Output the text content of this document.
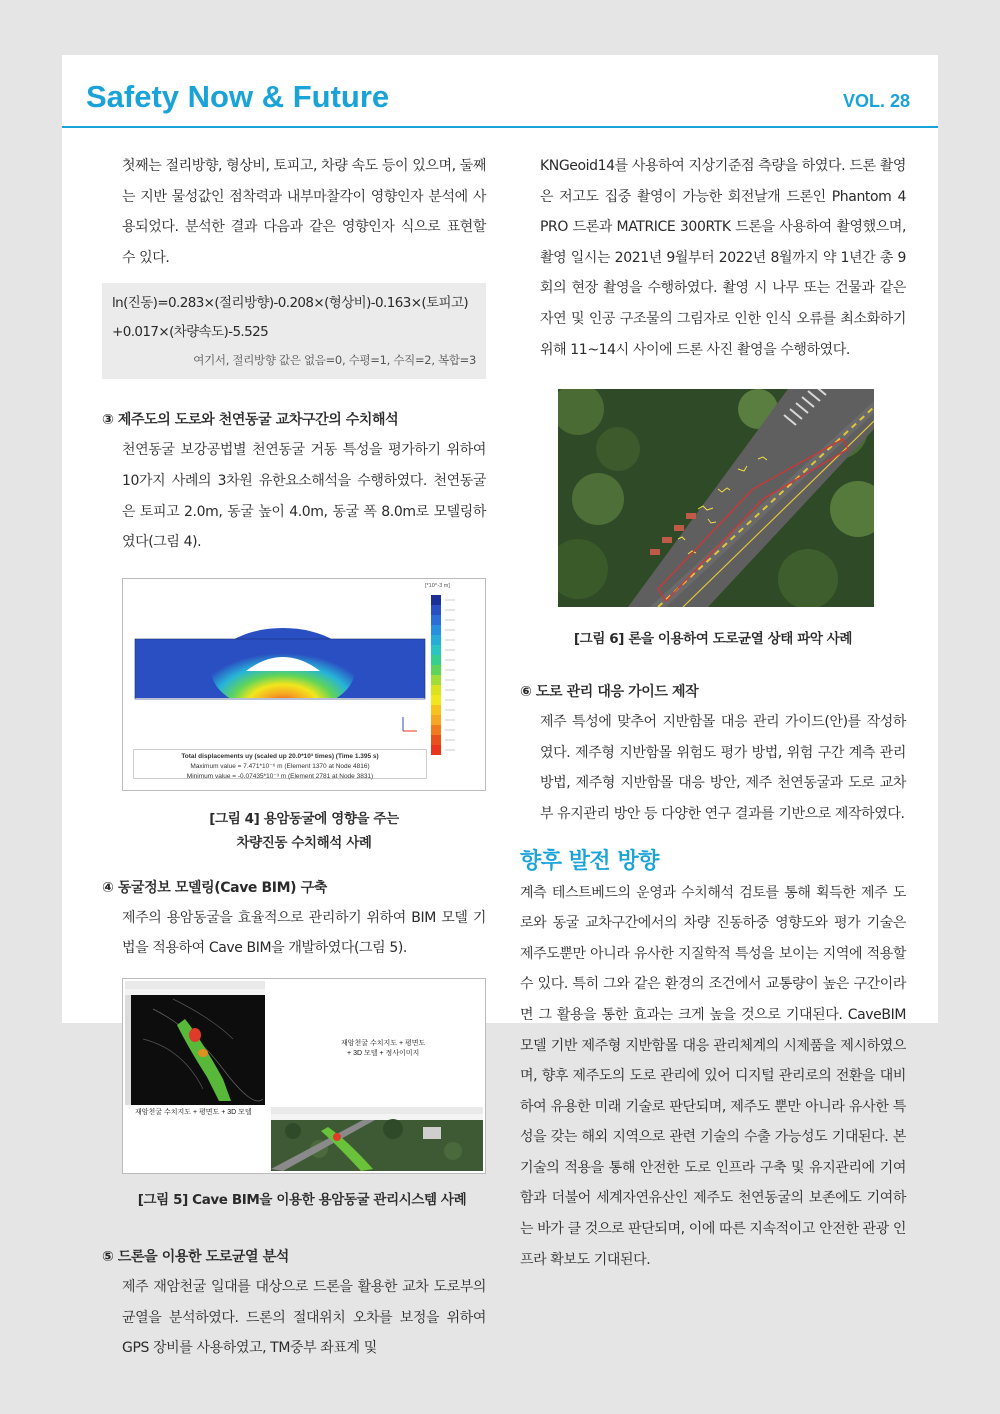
Safety Now & Future	VOL. 28
첫째는 절리방향, 형상비, 토피고, 차량 속도 등이 있으며, 둘째는 지반 물성값인 점착력과 내부마찰각이 영향인자 분석에 사용되었다. 분석한 결과 다음과 같은 영향인자 식으로 표현할 수 있다.
ln(진동)=0.283×(절리방향)-0.208×(형상비)-0.163×(토피고)
+0.017×(차량속도)-5.525
여기서, 절리방향 값은 없음=0, 수평=1, 수직=2, 복합=3
③ 제주도의 도로와 천연동굴 교차구간의 수치해석
천연동굴 보강공법별 천연동굴 거동 특성을 평가하기 위하여 10가지 사례의 3차원 유한요소해석을 수행하였다. 천연동굴은 토피고 2.0m, 동굴 높이 4.0m, 동굴 폭 8.0m로 모델링하였다(그림 4).
[*10^-3 m]
Total displacements uy (scaled up 20.0*10³ times) (Time 1.395 s)
Maximum value = 7.471*10⁻⁶ m (Element 1370 at Node 4816)
Minimum value = -0.07435*10⁻³ m (Element 2781 at Node 3831)
[그림 4] 용암동굴에 영향을 주는
차량진동 수치해석 사례
④ 동굴정보 모델링(Cave BIM) 구축
제주의 용암동굴을 효율적으로 관리하기 위하여 BIM 모델 기법을 적용하여 Cave BIM을 개발하였다(그림 5).
재암천굴 수치지도 + 평면도
+ 3D 모델 + 정사이미지
재암천굴 수치지도 + 평면도 + 3D 모델
[그림 5] Cave BIM을 이용한 용암동굴 관리시스템 사례
⑤ 드론을 이용한 도로균열 분석
제주 재암천굴 일대를 대상으로 드론을 활용한 교차 도로부의 균열을 분석하였다. 드론의 절대위치 오차를 보정을 위하여 GPS 장비를 사용하였고, TM중부 좌표계 및
KNGeoid14를 사용하여 지상기준점 측량을 하였다. 드론 촬영은 저고도 집중 촬영이 가능한 회전날개 드론인 Phantom 4 PRO 드론과 MATRICE 300RTK 드론을 사용하여 촬영했으며, 촬영 일시는 2021년 9월부터 2022년 8월까지 약 1년간 총 9회의 현장 촬영을 수행하였다. 촬영 시 나무 또는 건물과 같은 자연 및 인공 구조물의 그림자로 인한 인식 오류를 최소화하기 위해 11~14시 사이에 드론 사진 촬영을 수행하였다.
[그림 6] 론을 이용하여 도로균열 상태 파악 사례
⑥ 도로 관리 대응 가이드 제작
제주 특성에 맞추어 지반함몰 대응 관리 가이드(안)를 작성하였다. 제주형 지반함몰 위험도 평가 방법, 위험 구간 계측 관리 방법, 제주형 지반함몰 대응 방안, 제주 천연동굴과 도로 교차부 유지관리 방안 등 다양한 연구 결과를 기반으로 제작하였다.
향후 발전 방향
계측 테스트베드의 운영과 수치해석 검토를 통해 획득한 제주 도로와 동굴 교차구간에서의 차량 진동하중 영향도와 평가 기술은 제주도뿐만 아니라 유사한 지질학적 특성을 보이는 지역에 적용할 수 있다. 특히 그와 같은 환경의 조건에서 교통량이 높은 구간이라면 그 활용을 통한 효과는 크게 높을 것으로 기대된다. CaveBIM 모델 기반 제주형 지반함몰 대응 관리체계의 시제품을 제시하였으며, 향후 제주도의 도로 관리에 있어 디지털 관리로의 전환을 대비하여 유용한 미래 기술로 판단되며, 제주도 뿐만 아니라 유사한 특성을 갖는 해외 지역으로 관련 기술의 수출 가능성도 기대된다. 본 기술의 적용을 통해 안전한 도로 인프라 구축 및 유지관리에 기여함과 더불어 세계자연유산인 제주도 천연동굴의 보존에도 기여하는 바가 클 것으로 판단되며, 이에 따른 지속적이고 안전한 관광 인프라 확보도 기대된다.
